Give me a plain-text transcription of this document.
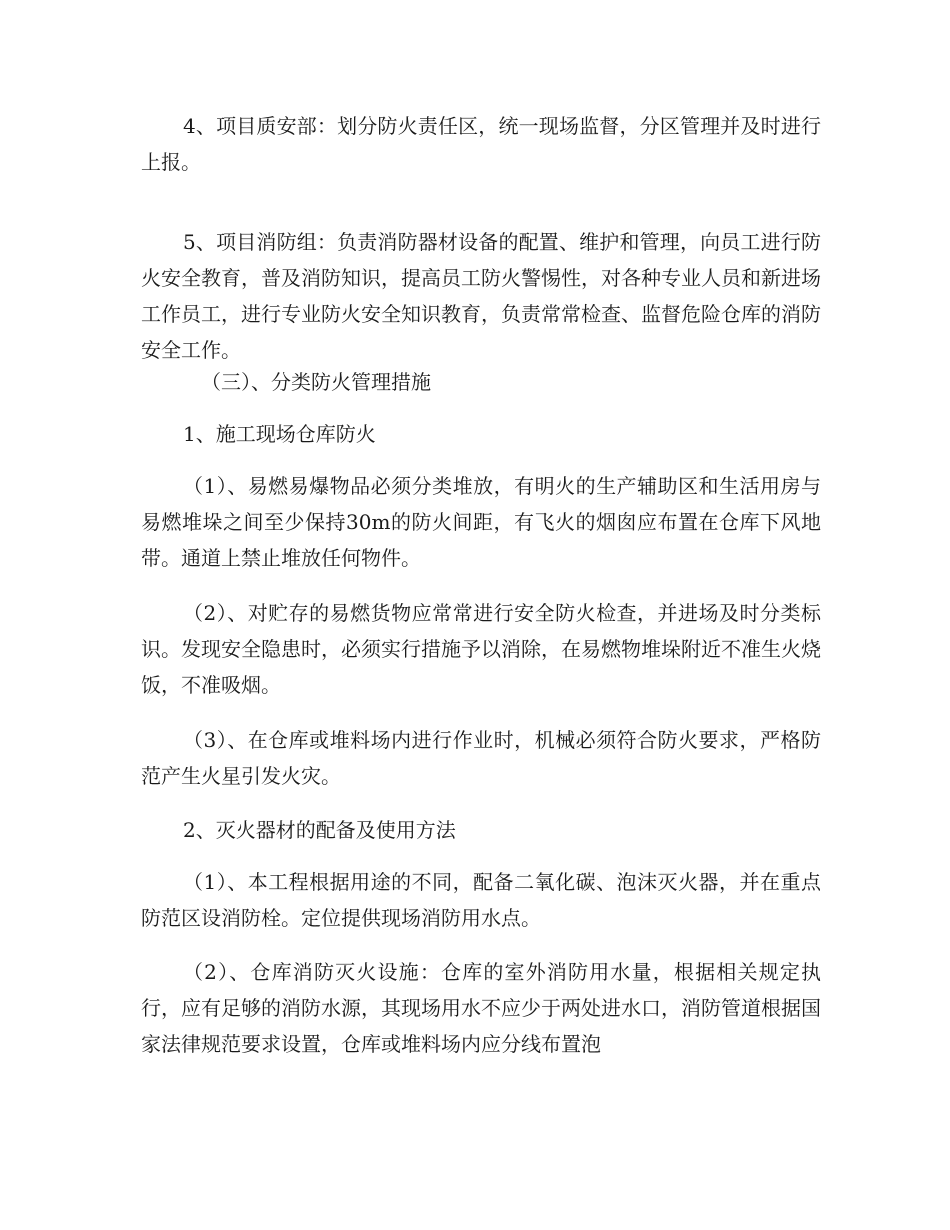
4、项目质安部：划分防火责任区，统一现场监督，分区管理并及时进行上报。

5、项目消防组：负责消防器材设备的配置、维护和管理，向员工进行防火安全教育，普及消防知识，提高员工防火警惕性，对各种专业人员和新进场工作员工，进行专业防火安全知识教育，负责常常检查、监督危险仓库的消防安全工作。

（三）、分类防火管理措施

1、施工现场仓库防火

（1）、易燃易爆物品必须分类堆放，有明火的生产辅助区和生活用房与易燃堆垛之间至少保持30m的防火间距，有飞火的烟囱应布置在仓库下风地带。通道上禁止堆放任何物件。

（2）、对贮存的易燃货物应常常进行安全防火检查，并进场及时分类标识。发现安全隐患时，必须实行措施予以消除，在易燃物堆垛附近不准生火烧饭，不准吸烟。

（3）、在仓库或堆料场内进行作业时，机械必须符合防火要求，严格防范产生火星引发火灾。

2、灭火器材的配备及使用方法

（1）、本工程根据用途的不同，配备二氧化碳、泡沫灭火器，并在重点防范区设消防栓。定位提供现场消防用水点。

（2）、仓库消防灭火设施：仓库的室外消防用水量，根据相关规定执行，应有足够的消防水源，其现场用水不应少于两处进水口，消防管道根据国家法律规范要求设置，仓库或堆料场内应分线布置泡
